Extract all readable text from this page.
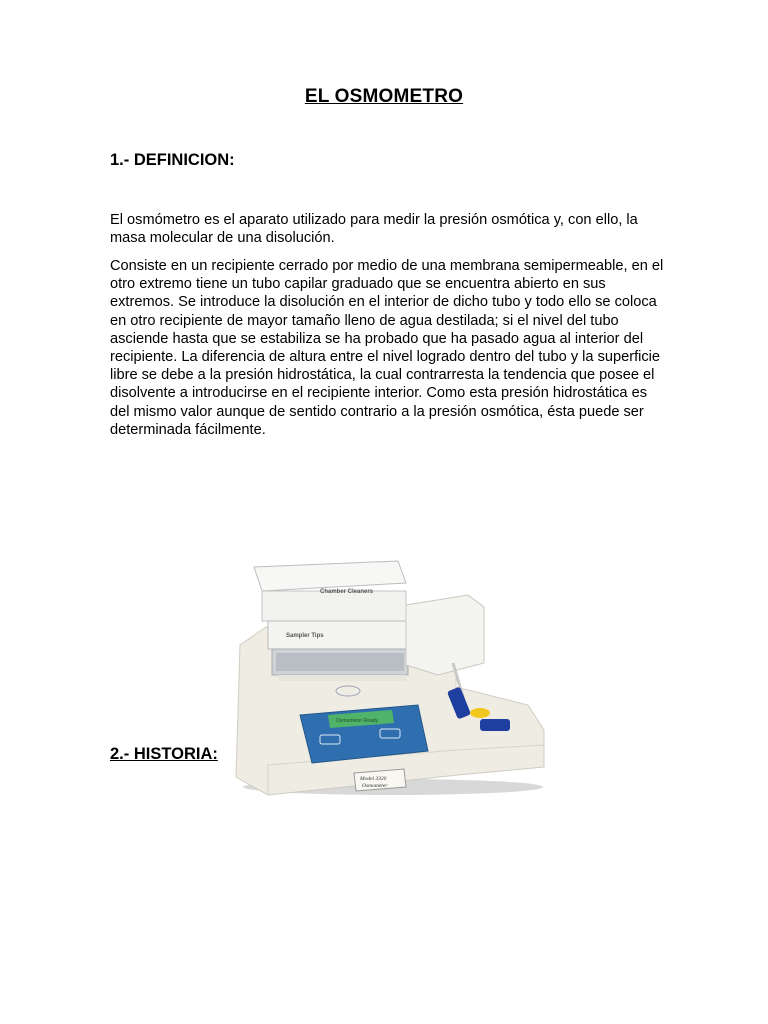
EL OSMOMETRO
1.- DEFINICION:

El osmómetro es el aparato utilizado para medir la presión osmótica y, con ello, la masa molecular de una disolución.

Consiste en un recipiente cerrado por medio de una membrana semipermeable, en el otro extremo tiene un tubo capilar graduado que se encuentra abierto en sus extremos. Se introduce la disolución en el interior de dicho tubo y todo ello se coloca en otro recipiente de mayor tamaño lleno de agua destilada; si el nivel del tubo asciende hasta que se estabiliza se ha probado que ha pasado agua al interior del recipiente. La diferencia de altura entre el nivel logrado dentro del tubo y la superficie libre se debe a la presión hidrostática, la cual contrarresta la tendencia que posee el disolvente a introducirse en el recipiente interior. Como esta presión hidrostática es del mismo valor aunque de sentido contrario a la presión osmótica, ésta puede ser determinada fácilmente.

Chamber Cleaners
Sampler Tips
Osmometer Ready
Model 3320
Osmometer
2.- HISTORIA:
